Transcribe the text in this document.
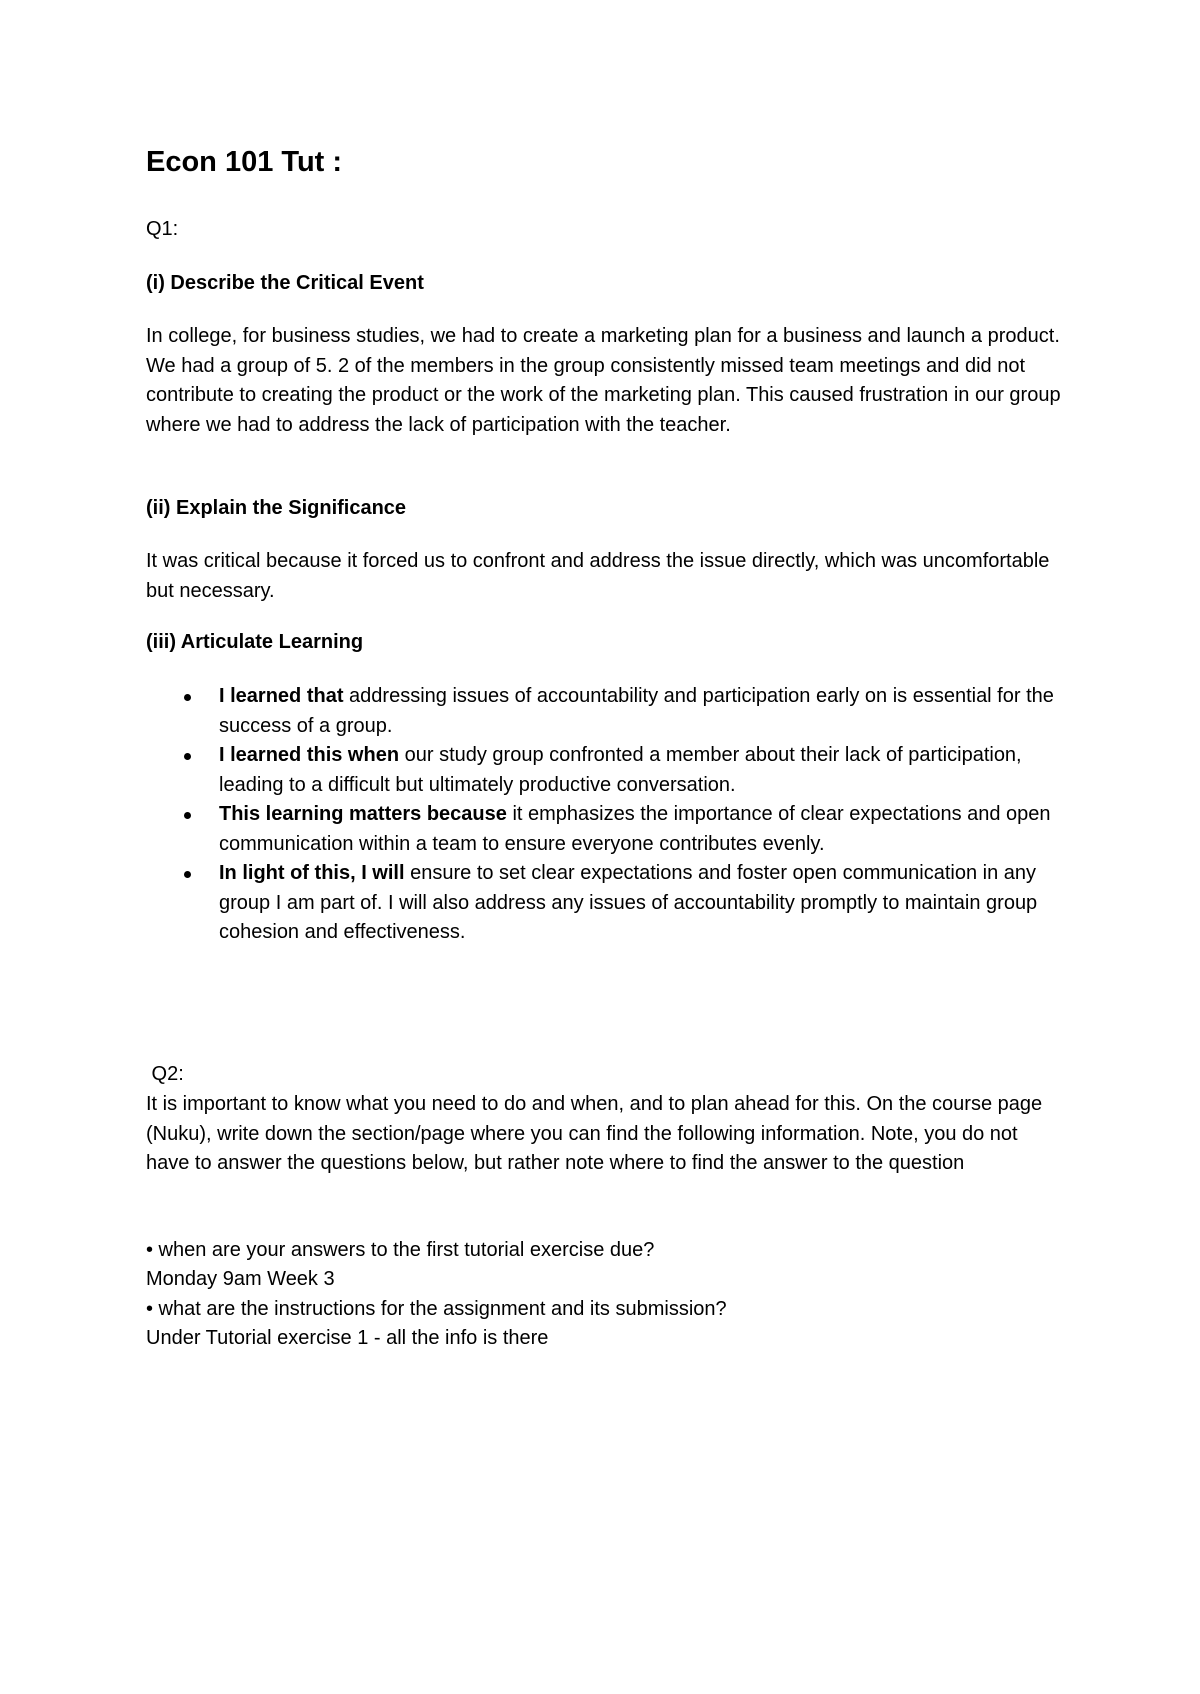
Econ 101 Tut :

Q1:

(i) Describe the Critical Event

In college, for business studies, we had to create a marketing plan for a business and launch a product. We had a group of 5. 2 of the members in the group consistently missed team meetings and did not contribute to creating the product or the work of the marketing plan. This caused frustration in our group where we had to address the lack of participation with the teacher.

(ii) Explain the Significance

It was critical because it forced us to confront and address the issue directly, which was uncomfortable but necessary.

(iii) Articulate Learning

I learned that addressing issues of accountability and participation early on is essential for the success of a group.
I learned this when our study group confronted a member about their lack of participation, leading to a difficult but ultimately productive conversation.
This learning matters because it emphasizes the importance of clear expectations and open communication within a team to ensure everyone contributes evenly.
In light of this, I will ensure to set clear expectations and foster open communication in any group I am part of. I will also address any issues of accountability promptly to maintain group cohesion and effectiveness.

Q2:

It is important to know what you need to do and when, and to plan ahead for this. On the course page (Nuku), write down the section/page where you can find the following information. Note, you do not have to answer the questions below, but rather note where to find the answer to the question

• when are your answers to the first tutorial exercise due?

Monday 9am Week 3

• what are the instructions for the assignment and its submission?

Under Tutorial exercise 1 - all the info is there
